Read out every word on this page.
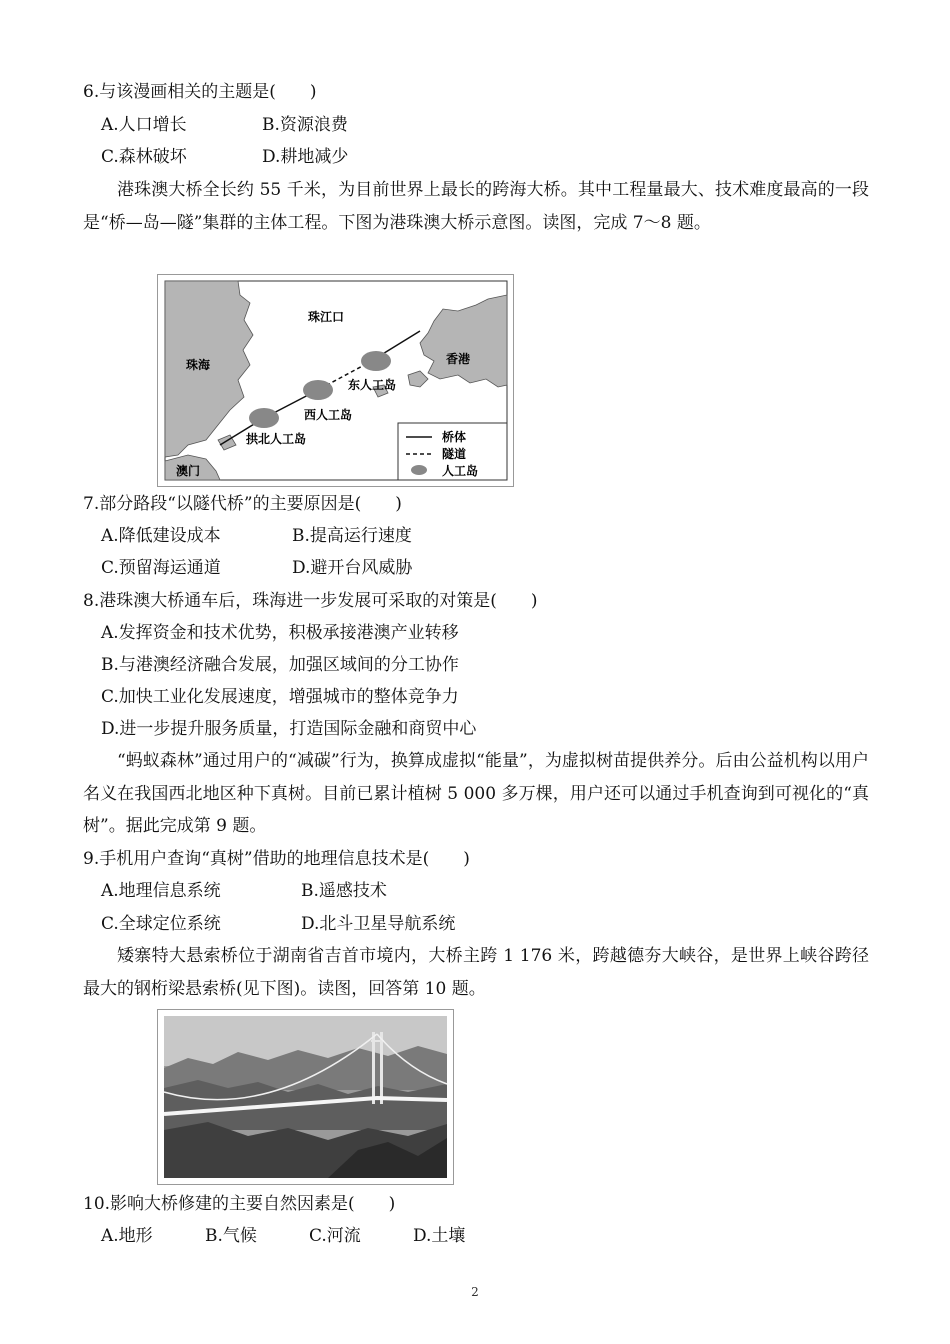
6.与该漫画相关的主题是(　　)
A.人口增长	B.资源浪费
C.森林破坏	D.耕地减少
港珠澳大桥全长约 55 千米，为目前世界上最长的跨海大桥。其中工程量最大、技术难度最高的一段是“桥—岛—隧”集群的主体工程。下图为港珠澳大桥示意图。读图，完成 7～8 题。
珠江口
珠海	香港
东人工岛
西人工岛
拱北人工岛
澳门
桥体
隧道
人工岛
7.部分路段“以隧代桥”的主要原因是(　　)
A.降低建设成本	B.提高运行速度
C.预留海运通道	D.避开台风威胁
8.港珠澳大桥通车后，珠海进一步发展可采取的对策是(　　)
A.发挥资金和技术优势，积极承接港澳产业转移
B.与港澳经济融合发展，加强区域间的分工协作
C.加快工业化发展速度，增强城市的整体竞争力
D.进一步提升服务质量，打造国际金融和商贸中心
“蚂蚁森林”通过用户的“减碳”行为，换算成虚拟“能量”，为虚拟树苗提供养分。后由公益机构以用户名义在我国西北地区种下真树。目前已累计植树 5 000 多万棵，用户还可以通过手机查询到可视化的“真树”。据此完成第 9 题。
9.手机用户查询“真树”借助的地理信息技术是(　　)
A.地理信息系统	B.遥感技术
C.全球定位系统	D.北斗卫星导航系统
矮寨特大悬索桥位于湖南省吉首市境内，大桥主跨 1 176 米，跨越德夯大峡谷，是世界上峡谷跨径最大的钢桁梁悬索桥(见下图)。读图，回答第 10 题。
10.影响大桥修建的主要自然因素是(　　)
A.地形	B.气候	C.河流	D.土壤
2
